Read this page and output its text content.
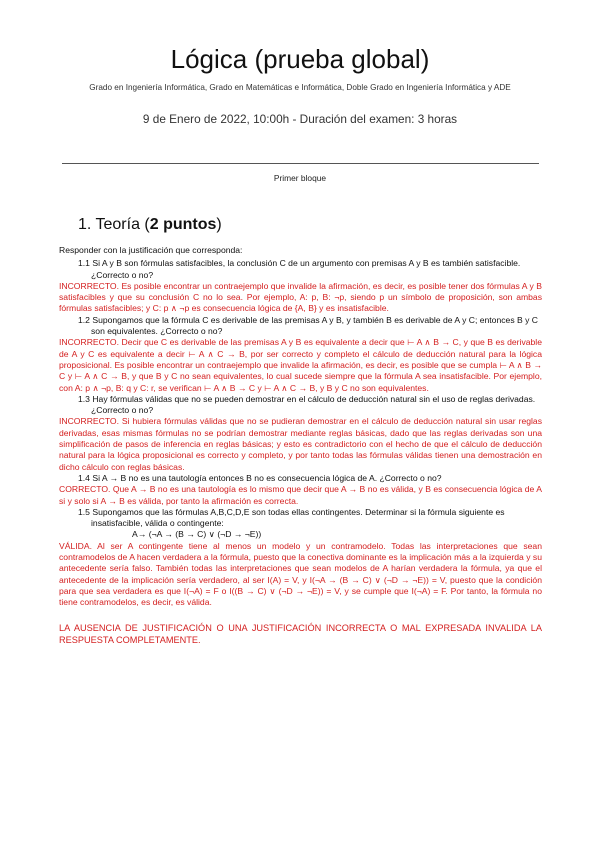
Lógica (prueba global)
Grado en Ingeniería Informática, Grado en Matemáticas e Informática, Doble Grado en Ingeniería Informática y ADE
9 de Enero de 2022, 10:00h - Duración del examen: 3 horas
Primer bloque
1. Teoría (2 puntos)

Responder con la justificación que corresponda:

1.1 Si A y B son fórmulas satisfacibles, la conclusión C de un argumento con premisas A y B es también satisfacible. ¿Correcto o no?

INCORRECTO. Es posible encontrar un contraejemplo que invalide la afirmación, es decir, es posible tener dos fórmulas A y B satisfacibles y que su conclusión C no lo sea. Por ejemplo, A: p, B: ¬p, siendo p un símbolo de proposición, son ambas fórmulas satisfacibles; y C: p ∧ ¬p es consecuencia lógica de {A, B} y es insatisfacible.

1.2 Supongamos que la fórmula C es derivable de las premisas A y B, y también B es derivable de A y C; entonces B y C son equivalentes. ¿Correcto o no?

INCORRECTO. Decir que C es derivable de las premisas A y B es equivalente a decir que ⊢ A ∧ B → C, y que B es derivable de A y C es equivalente a decir ⊢ A ∧ C → B, por ser correcto y completo el cálculo de deducción natural para la lógica proposicional. Es posible encontrar un contraejemplo que invalide la afirmación, es decir, es posible que se cumpla ⊢ A ∧ B → C y ⊢ A ∧ C → B, y que B y C no sean equivalentes, lo cual sucede siempre que la fórmula A sea insatisfacible. Por ejemplo, con A: p ∧ ¬p, B: q y C: r, se verifican ⊢ A ∧ B → C y ⊢ A ∧ C → B, y B y C no son equivalentes.

1.3 Hay fórmulas válidas que no se pueden demostrar en el cálculo de deducción natural sin el uso de reglas derivadas. ¿Correcto o no?

INCORRECTO. Si hubiera fórmulas válidas que no se pudieran demostrar en el cálculo de deducción natural sin usar reglas derivadas, esas mismas fórmulas no se podrían demostrar mediante reglas básicas, dado que las reglas derivadas son una simplificación de pasos de inferencia en reglas básicas; y esto es contradictorio con el hecho de que el cálculo de deducción natural para la lógica proposicional es correcto y completo, y por tanto todas las fórmulas válidas tienen una demostración en dicho cálculo con reglas básicas.

1.4 Si A → B no es una tautología entonces B no es consecuencia lógica de A. ¿Correcto o no?

CORRECTO. Que A → B no es una tautología es lo mismo que decir que A → B no es válida, y B es consecuencia lógica de A si y solo si A → B es válida, por tanto la afirmación es correcta.

1.5 Supongamos que las fórmulas A,B,C,D,E son todas ellas contingentes. Determinar si la fórmula siguiente es insatisfacible, válida o contingente:

A→ (¬A → (B → C) ∨ (¬D → ¬E))

VÁLIDA. Al ser A contingente tiene al menos un modelo y un contramodelo. Todas las interpretaciones que sean contramodelos de A hacen verdadera a la fórmula, puesto que la conectiva dominante es la implicación más a la izquierda y su antecedente sería falso. También todas las interpretaciones que sean modelos de A harían verdadera la fórmula, ya que el antecedente de la implicación sería verdadero, al ser Ι(A) = V, y Ι(¬A → (B → C) ∨ (¬D → ¬E)) = V, puesto que la condición para que sea verdadera es que Ι(¬A) = F o Ι((B → C) ∨ (¬D → ¬E)) = V, y se cumple que Ι(¬A) = F. Por tanto, la fórmula no tiene contramodelos, es decir, es válida.

LA AUSENCIA DE JUSTIFICACIÓN O UNA JUSTIFICACIÓN INCORRECTA O MAL EXPRESADA INVALIDA LA RESPUESTA COMPLETAMENTE.
